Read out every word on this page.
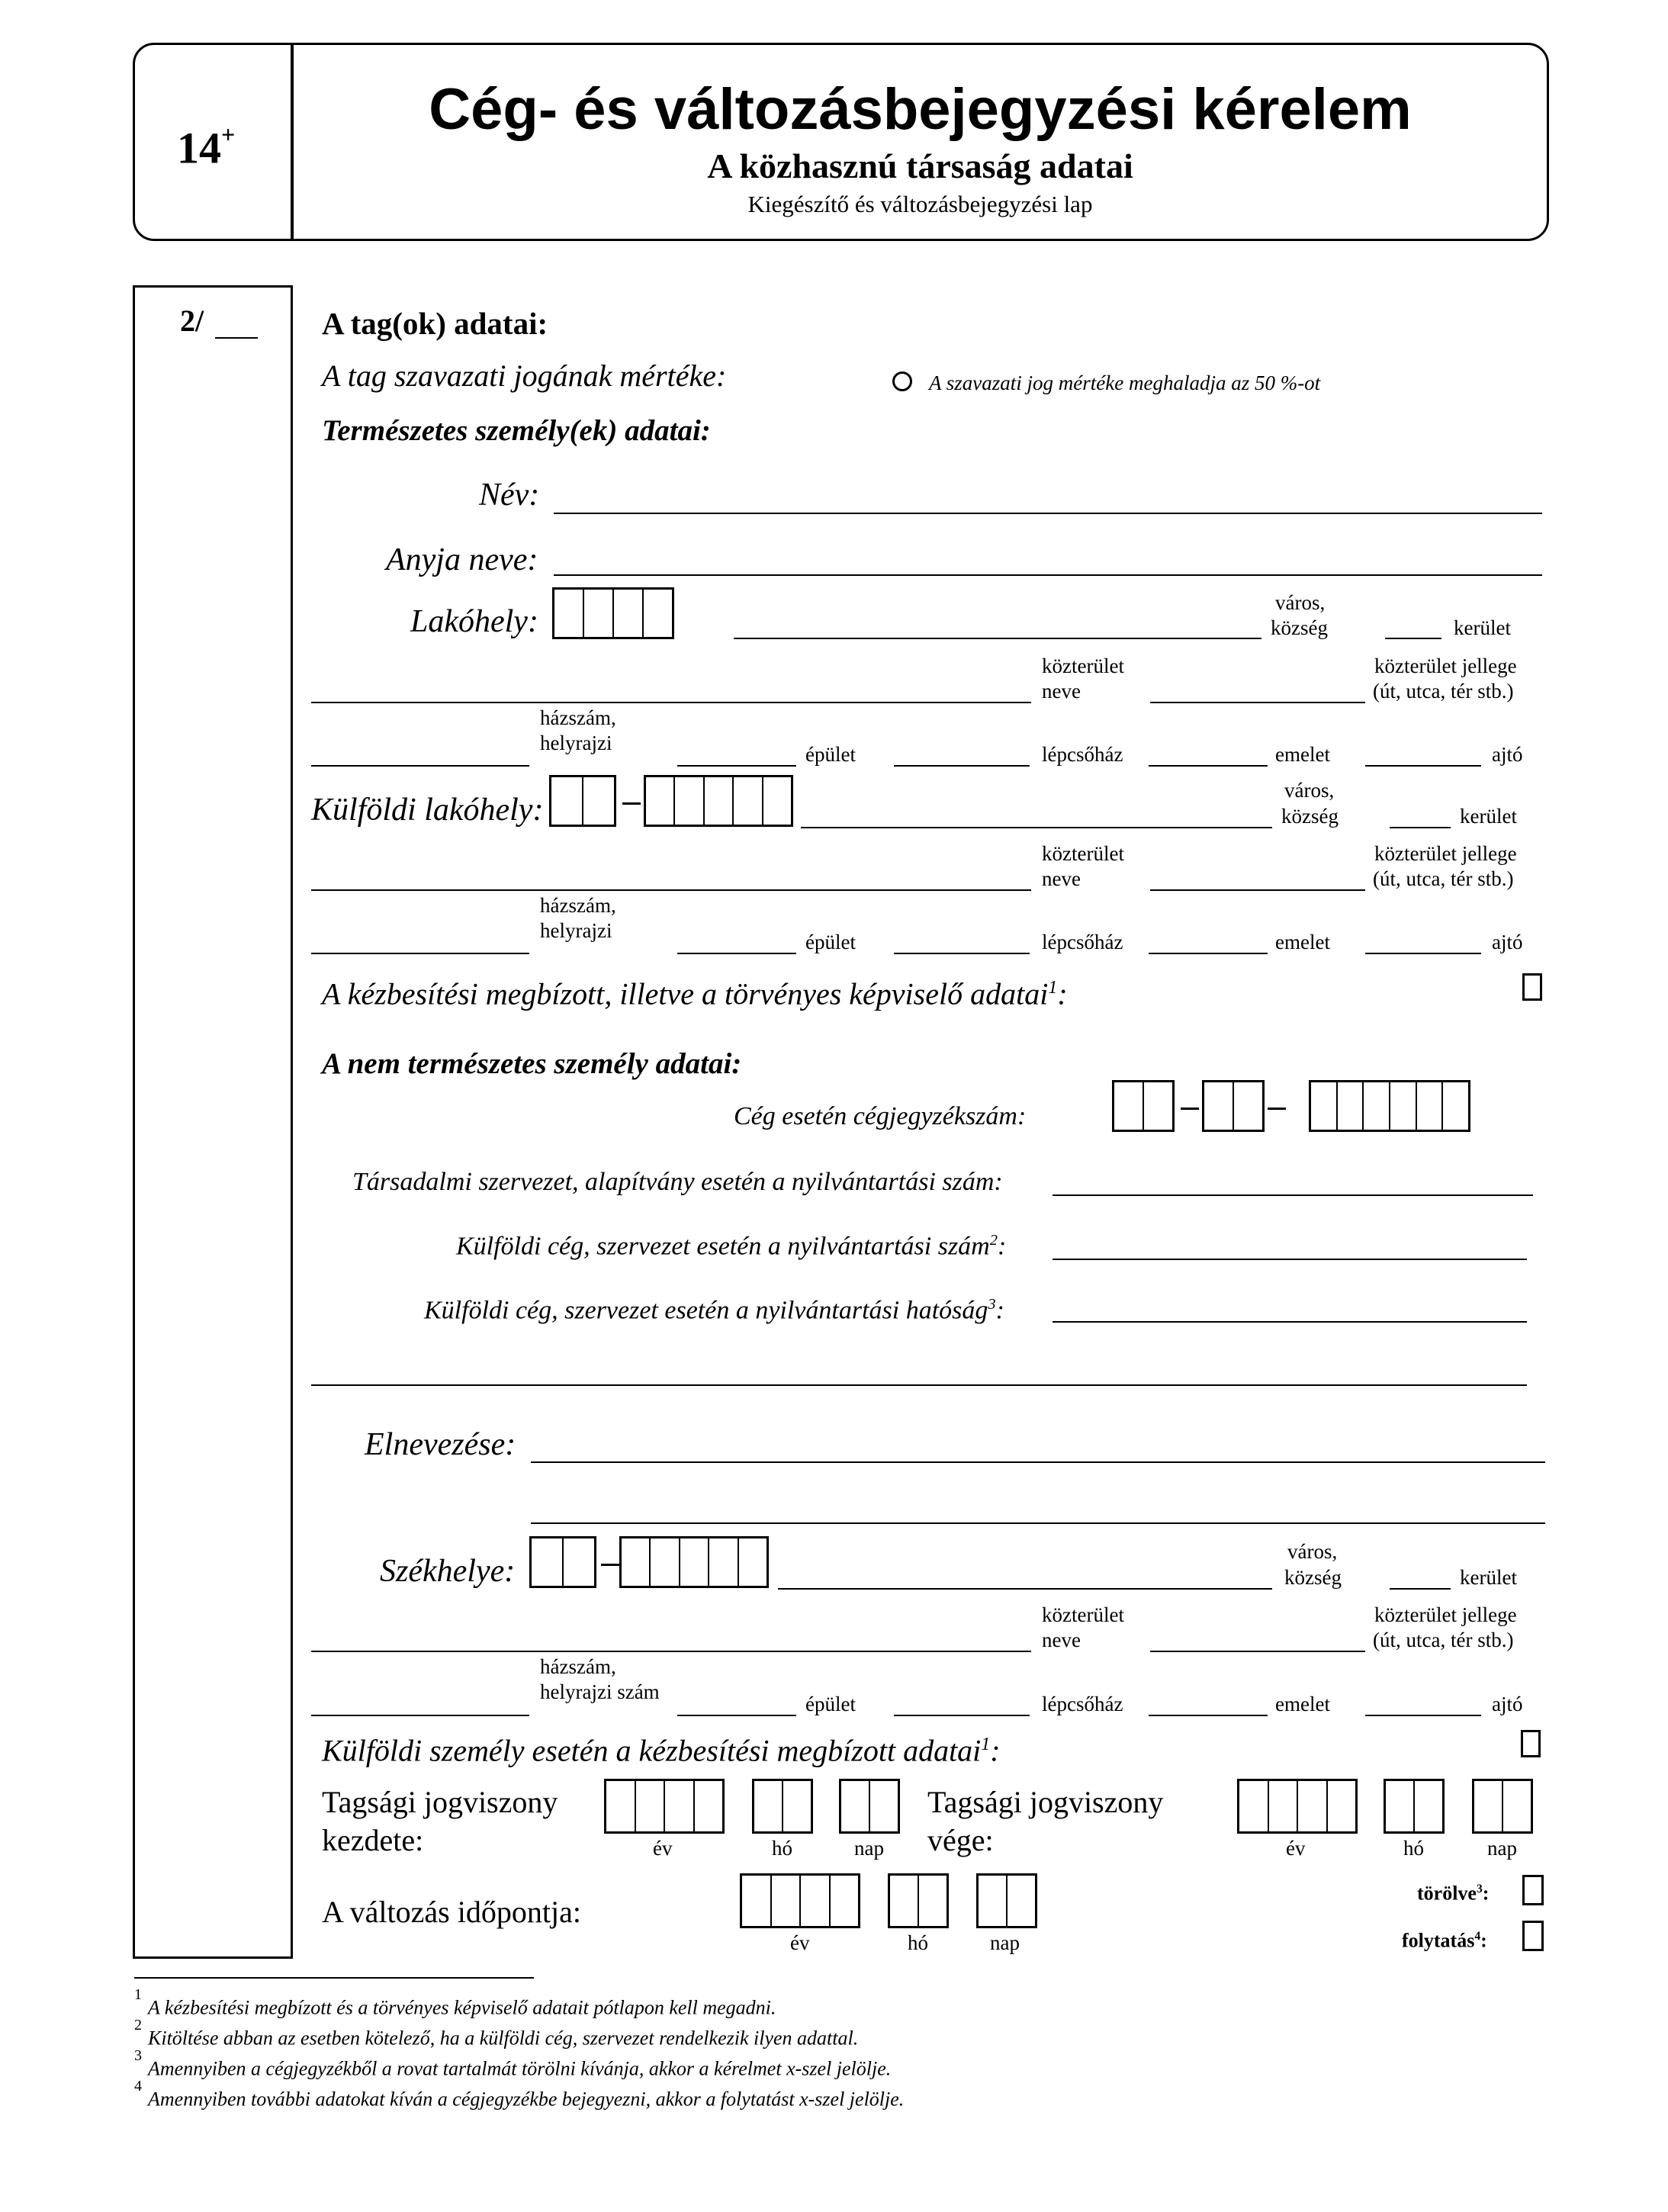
14+	Cég- és változásbejegyzési kérelem
A közhasznú társaság adatai
Kiegészítő és változásbejegyzési lap
2/	A tag(ok) adatai:
A tag szavazati jogának mértéke:	A szavazati jog mértéke meghaladja az 50 %-ot
Természetes személy(ek) adatai:
Név:
Anyja neve:
Lakóhely:
város,
község	kerület
közterület
neve
közterület jellege
(út, utca, tér stb.)
házszám,
helyrajzi	épület	lépcsőház	emelet	ajtó
Külföldi lakóhely:
város,
község	kerület
közterület
neve
közterület jellege
(út, utca, tér stb.)
házszám,
helyrajzi	épület	lépcsőház	emelet	ajtó
A kézbesítési megbízott, illetve a törvényes képviselő adatai$^1$:
A nem természetes személy adatai:
Cég esetén cégjegyzékszám:
Társadalmi szervezet, alapítvány esetén a nyilvántartási szám:
Külföldi cég, szervezet esetén a nyilvántartási szám$^2$:
Külföldi cég, szervezet esetén a nyilvántartási hatóság$^3$:
Elnevezése:
Székhelye:
város,
község	kerület
közterület
neve
közterület jellege
(út, utca, tér stb.)
házszám,
helyrajzi szám
épület	lépcsőház	emelet	ajtó
Külföldi személy esetén a kézbesítési megbízott adatai$^1$:
Tagsági jogviszony
kezdete:	év	hó	nap
Tagsági jogviszony
vége:	év	hó	nap
A változás időpontja:
év	hó	nap
törölve$^3$:
folytatás$^4$:
$^1$A kézbesítési megbízott és a törvényes képviselő adatait pótlapon kell megadni.
$^2$Kitöltése abban az esetben kötelező, ha a külföldi cég, szervezet rendelkezik ilyen adattal.
$^3$Amennyiben a cégjegyzékből a rovat tartalmát törölni kívánja, akkor a kérelmet x-szel jelölje.
$^4$Amennyiben további adatokat kíván a cégjegyzékbe bejegyezni, akkor a folytatást x-szel jelölje.
